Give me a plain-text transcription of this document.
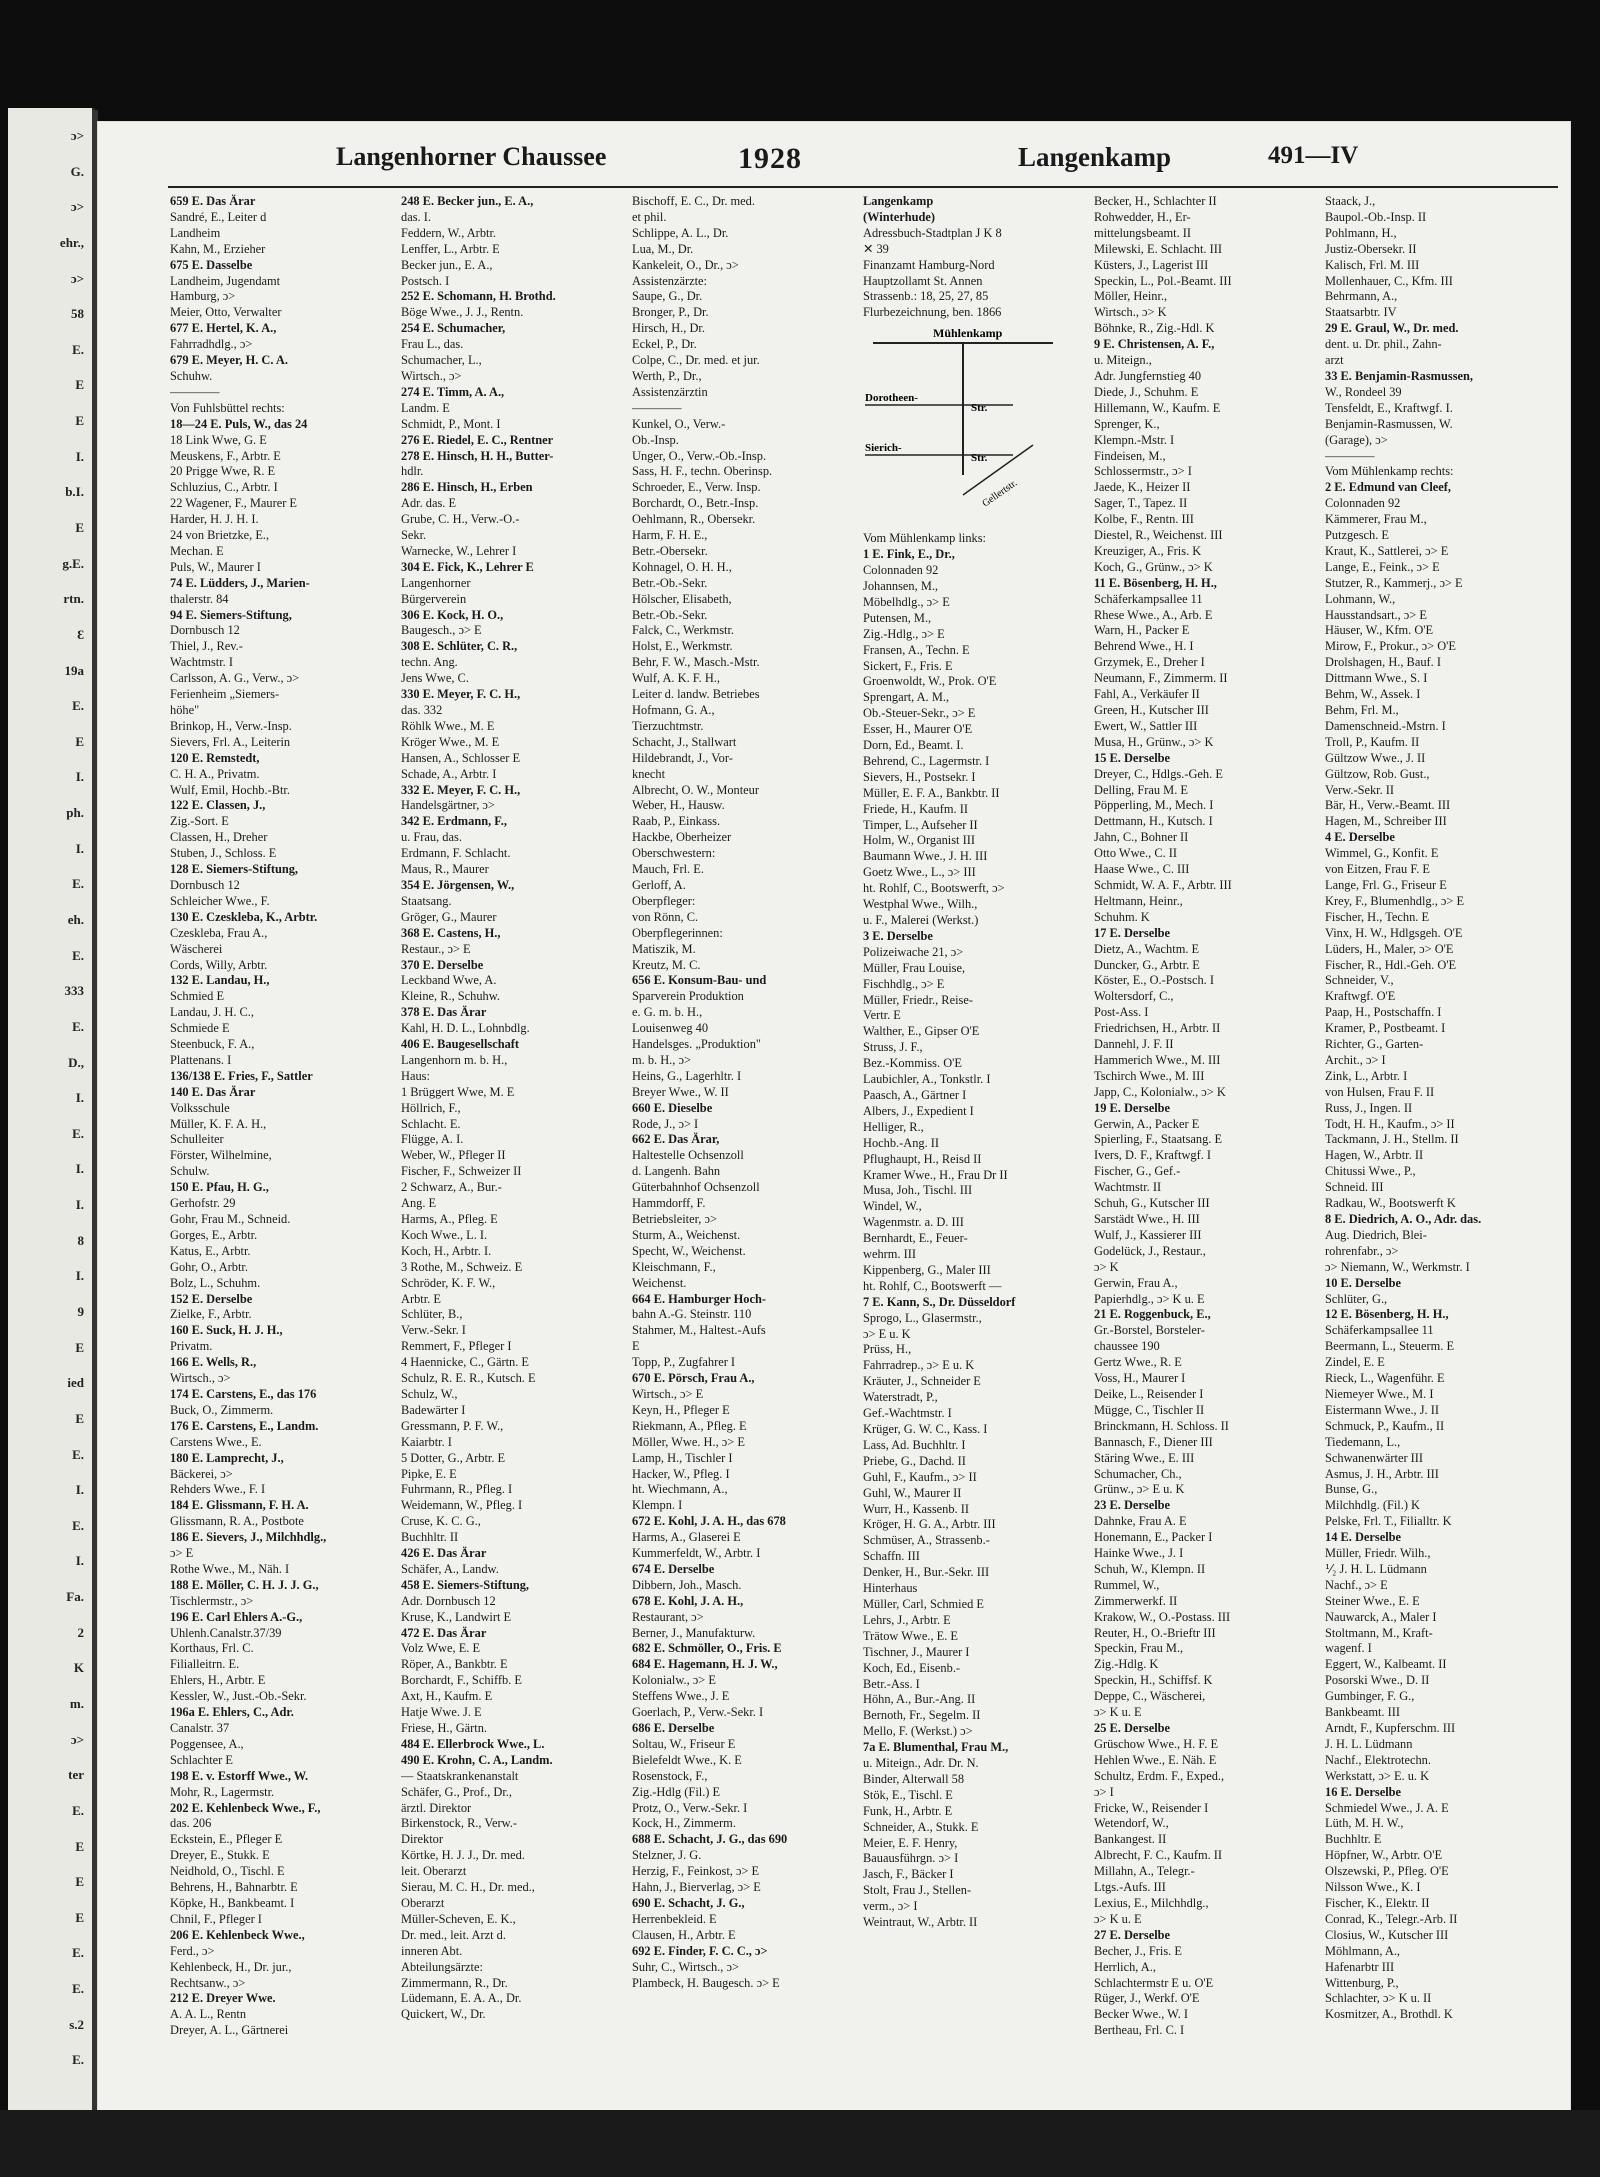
ɔ>
G.
ɔ>
ehr.,
ɔ>
58
E.
E
E
I.
b.I.
E
g.E.
rtn.
Ɛ
19a
E.
E
I.
ph.
I.
E.
eh.
E.
333
E.
D.,
I.
E.
I.
I.
8
I.
9
E
ied
E
E.
I.
E.
I.
Fa.
2
K
m.
ɔ>
ter
E.
E
E
E
E.
E.
s.2
E.
Langenhorner Chaussee	1928	Langenkamp	491—IV
659 E. Das Ärar
Sandré, E., Leiter d
Landheim
Kahn, M., Erzieher
675 E. Dasselbe
Landheim, Jugendamt
Hamburg, ɔ>
Meier, Otto, Verwalter
677 E. Hertel, K. A.,
Fahrradhdlg., ɔ>
679 E. Meyer, H. C. A.
Schuhw.
————
Von Fuhlsbüttel rechts:
18—24 E. Puls, W., das 24
18 Link Wwe, G. E
Meuskens, F., Arbtr. E
20 Prigge Wwe, R. E
Schluzius, C., Arbtr. I
22 Wagener, F., Maurer E
Harder, H. J. H. I.
24 von Brietzke, E.,
Mechan. E
Puls, W., Maurer I
74 E. Lüdders, J., Marien-
thalerstr. 84
94 E. Siemers-Stiftung,
Dornbusch 12
Thiel, J., Rev.-
Wachtmstr. I
Carlsson, A. G., Verw., ɔ>
Ferienheim „Siemers-
höhe"
Brinkop, H., Verw.-Insp.
Sievers, Frl. A., Leiterin
120 E. Remstedt,
C. H. A., Privatm.
Wulf, Emil, Hochb.-Btr.
122 E. Classen, J.,
Zig.-Sort. E
Classen, H., Dreher
Stuben, J., Schloss. E
128 E. Siemers-Stiftung,
Dornbusch 12
Schleicher Wwe., F.
130 E. Czeskleba, K., Arbtr.
Czeskleba, Frau A.,
Wäscherei
Cords, Willy, Arbtr.
132 E. Landau, H.,
Schmied E
Landau, J. H. C.,
Schmiede E
Steenbuck, F. A.,
Plattenans. I
136/138 E. Fries, F., Sattler
140 E. Das Ärar
Volksschule
Müller, K. F. A. H.,
Schulleiter
Förster, Wilhelmine,
Schulw.
150 E. Pfau, H. G.,
Gerhofstr. 29
Gohr, Frau M., Schneid.
Gorges, E., Arbtr.
Katus, E., Arbtr.
Gohr, O., Arbtr.
Bolz, L., Schuhm.
152 E. Derselbe
Zielke, F., Arbtr.
160 E. Suck, H. J. H.,
Privatm.
166 E. Wells, R.,
Wirtsch., ɔ>
174 E. Carstens, E., das 176
Buck, O., Zimmerm.
176 E. Carstens, E., Landm.
Carstens Wwe., E.
180 E. Lamprecht, J.,
Bäckerei, ɔ>
Rehders Wwe., F. I
184 E. Glissmann, F. H. A.
Glissmann, R. A., Postbote
186 E. Sievers, J., Milchhdlg.,
ɔ> E
Rothe Wwe., M., Näh. I
188 E. Möller, C. H. J. J. G.,
Tischlermstr., ɔ>
196 E. Carl Ehlers A.-G.,
Uhlenh.Canalstr.37/39
Korthaus, Frl. C.
Filialleitrn. E.
Ehlers, H., Arbtr. E
Kessler, W., Just.-Ob.-Sekr.
196a E. Ehlers, C., Adr.
Canalstr. 37
Poggensee, A.,
Schlachter E
198 E. v. Estorff Wwe., W.
Mohr, R., Lagermstr.
202 E. Kehlenbeck Wwe., F.,
das. 206
Eckstein, E., Pfleger E
Dreyer, E., Stukk. E
Neidhold, O., Tischl. E
Behrens, H., Bahnarbtr. E
Köpke, H., Bankbeamt. I
Chnil, F., Pfleger I
206 E. Kehlenbeck Wwe.,
Ferd., ɔ>
Kehlenbeck, H., Dr. jur.,
Rechtsanw., ɔ>
212 E. Dreyer Wwe.
A. A. L., Rentn
Dreyer, A. L., Gärtnerei
248 E. Becker jun., E. A.,
das. I.
Feddern, W., Arbtr.
Lenffer, L., Arbtr. E
Becker jun., E. A.,
Postsch. I
252 E. Schomann, H. Brothd.
Böge Wwe., J. J., Rentn.
254 E. Schumacher,
Frau L., das.
Schumacher, L.,
Wirtsch., ɔ>
274 E. Timm, A. A.,
Landm. E
Schmidt, P., Mont. I
276 E. Riedel, E. C., Rentner
278 E. Hinsch, H. H., Butter-
hdlr.
286 E. Hinsch, H., Erben
Adr. das. E
Grube, C. H., Verw.-O.-
Sekr.
Warnecke, W., Lehrer I
304 E. Fick, K., Lehrer E
Langenhorner
Bürgerverein
306 E. Kock, H. O.,
Baugesch., ɔ> E
308 E. Schlüter, C. R.,
techn. Ang.
Jens Wwe, C.
330 E. Meyer, F. C. H.,
das. 332
Röhlk Wwe., M. E
Kröger Wwe., M. E
Hansen, A., Schlosser E
Schade, A., Arbtr. I
332 E. Meyer, F. C. H.,
Handelsgärtner, ɔ>
342 E. Erdmann, F.,
u. Frau, das.
Erdmann, F. Schlacht.
Maus, R., Maurer
354 E. Jörgensen, W.,
Staatsang.
Gröger, G., Maurer
368 E. Castens, H.,
Restaur., ɔ> E
370 E. Derselbe
Leckband Wwe, A.
Kleine, R., Schuhw.
378 E. Das Ärar
Kahl, H. D. L., Lohnbdlg.
406 E. Baugesellschaft
Langenhorn m. b. H.,
Haus:
1 Brüggert Wwe, M. E
Höllrich, F.,
Schlacht. E.
Flügge, A. I.
Weber, W., Pfleger II
Fischer, F., Schweizer II
2 Schwarz, A., Bur.-
Ang. E
Harms, A., Pfleg. E
Koch Wwe., L. I.
Koch, H., Arbtr. I.
3 Rothe, M., Schweiz. E
Schröder, K. F. W.,
Arbtr. E
Schlüter, B.,
Verw.-Sekr. I
Remmert, F., Pfleger I
4 Haennicke, C., Gärtn. E
Schulz, R. E. R., Kutsch. E
Schulz, W.,
Badewärter I
Gressmann, P. F. W.,
Kaiarbtr. I
5 Dotter, G., Arbtr. E
Pipke, E. E
Fuhrmann, R., Pfleg. I
Weidemann, W., Pfleg. I
Cruse, K. C. G.,
Buchhltr. II
426 E. Das Ärar
Schäfer, A., Landw.
458 E. Siemers-Stiftung,
Adr. Dornbusch 12
Kruse, K., Landwirt E
472 E. Das Ärar
Volz Wwe, E. E
Röper, A., Bankbtr. E
Borchardt, F., Schiffb. E
Axt, H., Kaufm. E
Hatje Wwe. J. E
Friese, H., Gärtn.
484 E. Ellerbrock Wwe., L.
490 E. Krohn, C. A., Landm.
— Staatskrankenanstalt
Schäfer, G., Prof., Dr.,
ärztl. Direktor
Birkenstock, R., Verw.-
Direktor
Körtke, H. J. J., Dr. med.
leit. Oberarzt
Sierau, M. C. H., Dr. med.,
Oberarzt
Müller-Scheven, E. K.,
Dr. med., leit. Arzt d.
inneren Abt.
Abteilungsärzte:
Zimmermann, R., Dr.
Lüdemann, E. A. A., Dr.
Quickert, W., Dr.
Bischoff, E. C., Dr. med.
et phil.
Schlippe, A. L., Dr.
Lua, M., Dr.
Kankeleit, O., Dr., ɔ>
Assistenzärzte:
Saupe, G., Dr.
Bronger, P., Dr.
Hirsch, H., Dr.
Eckel, P., Dr.
Colpe, C., Dr. med. et jur.
Werth, P., Dr.,
Assistenzärztin
————
Kunkel, O., Verw.-
Ob.-Insp.
Unger, O., Verw.-Ob.-Insp.
Sass, H. F., techn. Oberinsp.
Schroeder, E., Verw. Insp.
Borchardt, O., Betr.-Insp.
Oehlmann, R., Obersekr.
Harm, F. H. E.,
Betr.-Obersekr.
Kohnagel, O. H. H.,
Betr.-Ob.-Sekr.
Hölscher, Elisabeth,
Betr.-Ob.-Sekr.
Falck, C., Werkmstr.
Holst, E., Werkmstr.
Behr, F. W., Masch.-Mstr.
Wulf, A. K. F. H.,
Leiter d. landw. Betriebes
Hofmann, G. A.,
Tierzuchtmstr.
Schacht, J., Stallwart
Hildebrandt, J., Vor-
knecht
Albrecht, O. W., Monteur
Weber, H., Hausw.
Raab, P., Einkass.
Hackbe, Oberheizer
Oberschwestern:
Mauch, Frl. E.
Gerloff, A.
Oberpfleger:
von Rönn, C.
Oberpflegerinnen:
Matiszik, M.
Kreutz, M. C.
656 E. Konsum-Bau- und
Sparverein Produktion
e. G. m. b. H.,
Louisenweg 40
Handelsges. „Produktion"
m. b. H., ɔ>
Heins, G., Lagerhltr. I
Breyer Wwe., W. II
660 E. Dieselbe
Rode, J., ɔ> I
662 E. Das Ärar,
Haltestelle Ochsenzoll
d. Langenh. Bahn
Güterbahnhof Ochsenzoll
Hammdorff, F.
Betriebsleiter, ɔ>
Sturm, A., Weichenst.
Specht, W., Weichenst.
Kleischmann, F.,
Weichenst.
664 E. Hamburger Hoch-
bahn A.-G. Steinstr. 110
Stahmer, M., Haltest.-Aufs
E
Topp, P., Zugfahrer I
670 E. Pörsch, Frau A.,
Wirtsch., ɔ> E
Keyn, H., Pfleger E
Riekmann, A., Pfleg. E
Möller, Wwe. H., ɔ> E
Lamp, H., Tischler I
Hacker, W., Pfleg. I
ht. Wiechmann, A.,
Klempn. I
672 E. Kohl, J. A. H., das 678
Harms, A., Glaserei E
Kummerfeldt, W., Arbtr. I
674 E. Derselbe
Dibbern, Joh., Masch.
678 E. Kohl, J. A. H.,
Restaurant, ɔ>
Berner, J., Manufakturw.
682 E. Schmöller, O., Fris. E
684 E. Hagemann, H. J. W.,
Kolonialw., ɔ> E
Steffens Wwe., J. E
Goerlach, P., Verw.-Sekr. I
686 E. Derselbe
Soltau, W., Friseur E
Bielefeldt Wwe., K. E
Rosenstock, F.,
Zig.-Hdlg (Fil.) E
Protz, O., Verw.-Sekr. I
Kock, H., Zimmerm.
688 E. Schacht, J. G., das 690
Stelzner, J. G.
Herzig, F., Feinkost, ɔ> E
Hahn, J., Bierverlag, ɔ> E
690 E. Schacht, J. G.,
Herrenbekleid. E
Clausen, H., Arbtr. E
692 E. Finder, F. C. C., ɔ>
Suhr, C., Wirtsch., ɔ>
Plambeck, H. Baugesch. ɔ> E
Langenkamp
(Winterhude)
Adressbuch-Stadtplan J K 8
✕ 39
Finanzamt Hamburg-Nord
Hauptzollamt St. Annen
Strassenb.: 18, 25, 27, 85
Flurbezeichnung, ben. 1866
Mühlenkamp
Dorotheen-
Str.
Sierich-
Str.
Gellertstr.
Vom Mühlenkamp links:
1 E. Fink, E., Dr.,
Colonnaden 92
Johannsen, M.,
Möbelhdlg., ɔ> E
Putensen, M.,
Zig.-Hdlg., ɔ> E
Fransen, A., Techn. E
Sickert, F., Fris. E
Groenwoldt, W., Prok. O'E
Sprengart, A. M.,
Ob.-Steuer-Sekr., ɔ> E
Esser, H., Maurer O'E
Dorn, Ed., Beamt. I.
Behrend, C., Lagermstr. I
Sievers, H., Postsekr. I
Müller, E. F. A., Bankbtr. II
Friede, H., Kaufm. II
Timper, L., Aufseher II
Holm, W., Organist III
Baumann Wwe., J. H. III
Goetz Wwe., L., ɔ> III
ht. Rohlf, C., Bootswerft, ɔ>
Westphal Wwe., Wilh.,
u. F., Malerei (Werkst.)
3 E. Derselbe
Polizeiwache 21, ɔ>
Müller, Frau Louise,
Fischhdlg., ɔ> E
Müller, Friedr., Reise-
Vertr. E
Walther, E., Gipser O'E
Struss, J. F.,
Bez.-Kommiss. O'E
Laubichler, A., Tonkstlr. I
Paasch, A., Gärtner I
Albers, J., Expedient I
Helliger, R.,
Hochb.-Ang. II
Pflughaupt, H., Reisd II
Kramer Wwe., H., Frau Dr II
Musa, Joh., Tischl. III
Windel, W.,
Wagenmstr. a. D. III
Bernhardt, E., Feuer-
wehrm. III
Kippenberg, G., Maler III
ht. Rohlf, C., Bootswerft —
7 E. Kann, S., Dr. Düsseldorf
Sprogo, L., Glasermstr.,
ɔ> E u. K
Prüss, H.,
Fahrradrep., ɔ> E u. K
Kräuter, J., Schneider E
Waterstradt, P.,
Gef.-Wachtmstr. I
Krüger, G. W. C., Kass. I
Lass, Ad. Buchhltr. I
Priebe, G., Dachd. II
Guhl, F., Kaufm., ɔ> II
Guhl, W., Maurer II
Wurr, H., Kassenb. II
Kröger, H. G. A., Arbtr. III
Schmüser, A., Strassenb.-
Schaffn. III
Denker, H., Bur.-Sekr. III
Hinterhaus
Müller, Carl, Schmied E
Lehrs, J., Arbtr. E
Trätow Wwe., E. E
Tischner, J., Maurer I
Koch, Ed., Eisenb.-
Betr.-Ass. I
Höhn, A., Bur.-Ang. II
Bernoth, Fr., Segelm. II
Mello, F. (Werkst.) ɔ>
7a E. Blumenthal, Frau M.,
u. Miteign., Adr. Dr. N.
Binder, Alterwall 58
Stök, E., Tischl. E
Funk, H., Arbtr. E
Schneider, A., Stukk. E
Meier, E. F. Henry,
Bauausführgn. ɔ> I
Jasch, F., Bäcker I
Stolt, Frau J., Stellen-
verm., ɔ> I
Weintraut, W., Arbtr. II
Becker, H., Schlachter II
Rohwedder, H., Er-
mittelungsbeamt. II
Milewski, E. Schlacht. III
Küsters, J., Lagerist III
Speckin, L., Pol.-Beamt. III
Möller, Heinr.,
Wirtsch., ɔ> K
Böhnke, R., Zig.-Hdl. K
9 E. Christensen, A. F.,
u. Miteign.,
Adr. Jungfernstieg 40
Diede, J., Schuhm. E
Hillemann, W., Kaufm. E
Sprenger, K.,
Klempn.-Mstr. I
Findeisen, M.,
Schlossermstr., ɔ> I
Jaede, K., Heizer II
Sager, T., Tapez. II
Kolbe, F., Rentn. III
Diestel, R., Weichenst. III
Kreuziger, A., Fris. K
Koch, G., Grünw., ɔ> K
11 E. Bösenberg, H. H.,
Schäferkampsallee 11
Rhese Wwe., A., Arb. E
Warn, H., Packer E
Behrend Wwe., H. I
Grzymek, E., Dreher I
Neumann, F., Zimmerm. II
Fahl, A., Verkäufer II
Green, H., Kutscher III
Ewert, W., Sattler III
Musa, H., Grünw., ɔ> K
15 E. Derselbe
Dreyer, C., Hdlgs.-Geh. E
Delling, Frau M. E
Pöpperling, M., Mech. I
Dettmann, H., Kutsch. I
Jahn, C., Bohner II
Otto Wwe., C. II
Haase Wwe., C. III
Schmidt, W. A. F., Arbtr. III
Heltmann, Heinr.,
Schuhm. K
17 E. Derselbe
Dietz, A., Wachtm. E
Duncker, G., Arbtr. E
Köster, E., O.-Postsch. I
Woltersdorf, C.,
Post-Ass. I
Friedrichsen, H., Arbtr. II
Dannehl, J. F. II
Hammerich Wwe., M. III
Tschirch Wwe., M. III
Japp, C., Kolonialw., ɔ> K
19 E. Derselbe
Gerwin, A., Packer E
Spierling, F., Staatsang. E
Ivers, D. F., Kraftwgf. I
Fischer, G., Gef.-
Wachtmstr. II
Schuh, G., Kutscher III
Sarstädt Wwe., H. III
Wulf, J., Kassierer III
Godelück, J., Restaur.,
ɔ> K
Gerwin, Frau A.,
Papierhdlg., ɔ> K u. E
21 E. Roggenbuck, E.,
Gr.-Borstel, Borsteler-
chaussee 190
Gertz Wwe., R. E
Voss, H., Maurer I
Deike, L., Reisender I
Mügge, C., Tischler II
Brinckmann, H. Schloss. II
Bannasch, F., Diener III
Stäring Wwe., E. III
Schumacher, Ch.,
Grünw., ɔ> E u. K
23 E. Derselbe
Dahnke, Frau A. E
Honemann, E., Packer I
Hainke Wwe., J. I
Schuh, W., Klempn. II
Rummel, W.,
Zimmerwerkf. II
Krakow, W., O.-Postass. III
Reuter, H., O.-Brieftr III
Speckin, Frau M.,
Zig.-Hdlg. K
Speckin, H., Schiffsf. K
Deppe, C., Wäscherei,
ɔ> K u. E
25 E. Derselbe
Grüschow Wwe., H. F. E
Hehlen Wwe., E. Näh. E
Schultz, Erdm. F., Exped.,
ɔ> I
Fricke, W., Reisender I
Wetendorf, W.,
Bankangest. II
Albrecht, F. C., Kaufm. II
Millahn, A., Telegr.-
Ltgs.-Aufs. III
Lexius, E., Milchhdlg.,
ɔ> K u. E
27 E. Derselbe
Becher, J., Fris. E
Herrlich, A.,
Schlachtermstr E u. O'E
Rüger, J., Werkf. O'E
Becker Wwe., W. I
Bertheau, Frl. C. I
Staack, J.,
Baupol.-Ob.-Insp. II
Pohlmann, H.,
Justiz-Obersekr. II
Kalisch, Frl. M. III
Mollenhauer, C., Kfm. III
Behrmann, A.,
Staatsarbtr. IV
29 E. Graul, W., Dr. med.
dent. u. Dr. phil., Zahn-
arzt
33 E. Benjamin-Rasmussen,
W., Rondeel 39
Tensfeldt, E., Kraftwgf. I.
Benjamin-Rasmussen, W.
(Garage), ɔ>
————
Vom Mühlenkamp rechts:
2 E. Edmund van Cleef,
Colonnaden 92
Kämmerer, Frau M.,
Putzgesch. E
Kraut, K., Sattlerei, ɔ> E
Lange, E., Feink., ɔ> E
Stutzer, R., Kammerj., ɔ> E
Lohmann, W.,
Hausstandsart., ɔ> E
Häuser, W., Kfm. O'E
Mirow, F., Prokur., ɔ> O'E
Drolshagen, H., Bauf. I
Dittmann Wwe., S. I
Behm, W., Assek. I
Behm, Frl. M.,
Damenschneid.-Mstrn. I
Troll, P., Kaufm. II
Gültzow Wwe., J. II
Gültzow, Rob. Gust.,
Verw.-Sekr. II
Bär, H., Verw.-Beamt. III
Hagen, M., Schreiber III
4 E. Derselbe
Wimmel, G., Konfit. E
von Eitzen, Frau F. E
Lange, Frl. G., Friseur E
Krey, F., Blumenhdlg., ɔ> E
Fischer, H., Techn. E
Vinx, H. W., Hdlgsgeh. O'E
Lüders, H., Maler, ɔ> O'E
Fischer, R., Hdl.-Geh. O'E
Schneider, V.,
Kraftwgf. O'E
Paap, H., Postschaffn. I
Kramer, P., Postbeamt. I
Richter, G., Garten-
Archit., ɔ> I
Zink, L., Arbtr. I
von Hulsen, Frau F. II
Russ, J., Ingen. II
Todt, H. H., Kaufm., ɔ> II
Tackmann, J. H., Stellm. II
Hagen, W., Arbtr. II
Chitussi Wwe., P.,
Schneid. III
Radkau, W., Bootswerft K
8 E. Diedrich, A. O., Adr. das.
Aug. Diedrich, Blei-
rohrenfabr., ɔ>
ɔ> Niemann, W., Werkmstr. I
10 E. Derselbe
Schlüter, G.,
12 E. Bösenberg, H. H.,
Schäferkampsallee 11
Beermann, L., Steuerm. E
Zindel, E. E
Rieck, L., Wagenführ. E
Niemeyer Wwe., M. I
Eistermann Wwe., J. II
Schmuck, P., Kaufm., II
Tiedemann, L.,
Schwanenwärter III
Asmus, J. H., Arbtr. III
Bunse, G.,
Milchhdlg. (Fil.) K
Pelske, Frl. T., Filialltr. K
14 E. Derselbe
Müller, Friedr. Wilh.,
⅟₂ J. H. L. Lüdmann
Nachf., ɔ> E
Steiner Wwe., E. E
Nauwarck, A., Maler I
Stoltmann, M., Kraft-
wagenf. I
Eggert, W., Kalbeamt. II
Posorski Wwe., D. II
Gumbinger, F. G.,
Bankbeamt. III
Arndt, F., Kupferschm. III
J. H. L. Lüdmann
Nachf., Elektrotechn.
Werkstatt, ɔ> E. u. K
16 E. Derselbe
Schmiedel Wwe., J. A. E
Lüth, M. H. W.,
Buchhltr. E
Höpfner, W., Arbtr. O'E
Olszewski, P., Pfleg. O'E
Nilsson Wwe., K. I
Fischer, K., Elektr. II
Conrad, K., Telegr.-Arb. II
Closius, W., Kutscher III
Möhlmann, A.,
Hafenarbtr III
Wittenburg, P.,
Schlachter, ɔ> K u. II
Kosmitzer, A., Brothdl. K
